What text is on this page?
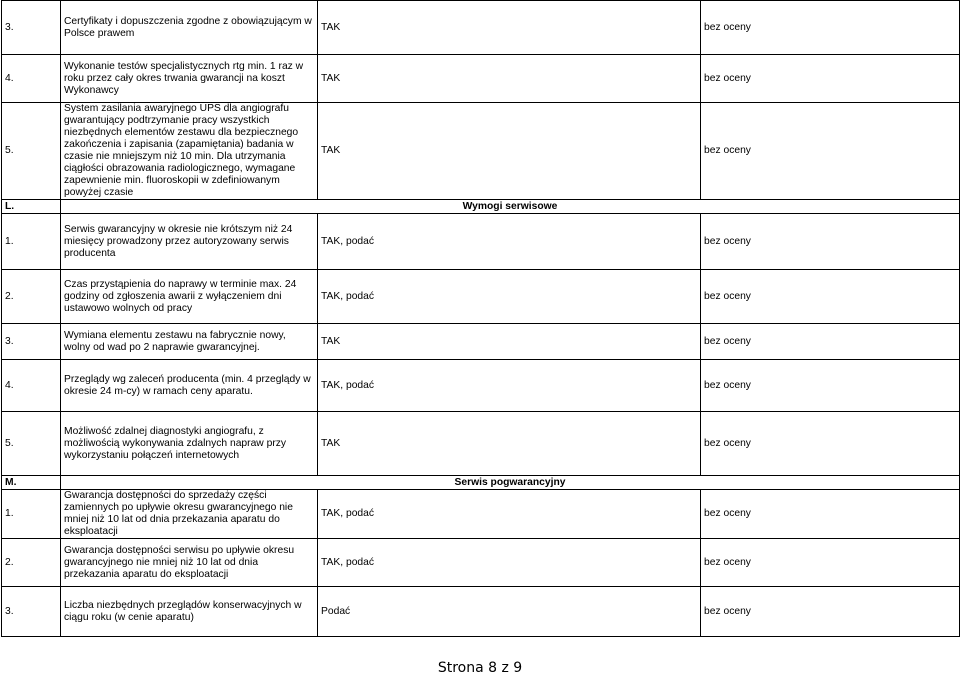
3.	Certyfikaty i dopuszczenia zgodne z obowiązującym w Polsce prawem	TAK	bez oceny
4.	Wykonanie testów specjalistycznych rtg min. 1 raz w roku przez cały okres trwania gwarancji na koszt Wykonawcy	TAK	bez oceny
5.	System zasilania awaryjnego UPS dla angiografu gwarantujący podtrzymanie pracy wszystkich niezbędnych elementów zestawu dla bezpiecznego zakończenia i zapisania (zapamiętania) badania w czasie nie mniejszym niż 10 min. Dla utrzymania ciągłości obrazowania radiologicznego, wymagane zapewnienie min. fluoroskopii w zdefiniowanym powyżej czasie	TAK	bez oceny
L.	Wymogi serwisowe		
1.	Serwis gwarancyjny w okresie nie krótszym niż 24 miesięcy prowadzony przez autoryzowany serwis producenta	TAK, podać	bez oceny
2.	Czas przystąpienia do naprawy w terminie max. 24 godziny od zgłoszenia awarii z wyłączeniem dni ustawowo wolnych od pracy	TAK, podać	bez oceny
3.	Wymiana elementu zestawu na fabrycznie nowy, wolny od wad po 2 naprawie gwarancyjnej.	TAK	bez oceny
4.	Przeglądy wg zaleceń producenta (min. 4 przeglądy w okresie 24 m-cy) w ramach ceny aparatu.	TAK, podać	bez oceny
5.	Możliwość zdalnej diagnostyki angiografu, z możliwością wykonywania zdalnych napraw przy wykorzystaniu połączeń internetowych	TAK	bez oceny
M.	Serwis pogwarancyjny		
1.	Gwarancja dostępności do sprzedaży części zamiennych po upływie okresu gwarancyjnego nie mniej niż 10 lat od dnia przekazania aparatu do eksploatacji	TAK, podać	bez oceny
2.	Gwarancja dostępności serwisu po upływie okresu gwarancyjnego nie mniej niż 10 lat od dnia przekazania aparatu do eksploatacji	TAK, podać	bez oceny
3.	Liczba niezbędnych przeglądów konserwacyjnych w ciągu roku (w cenie aparatu)	Podać	bez oceny
Strona 8 z 9
